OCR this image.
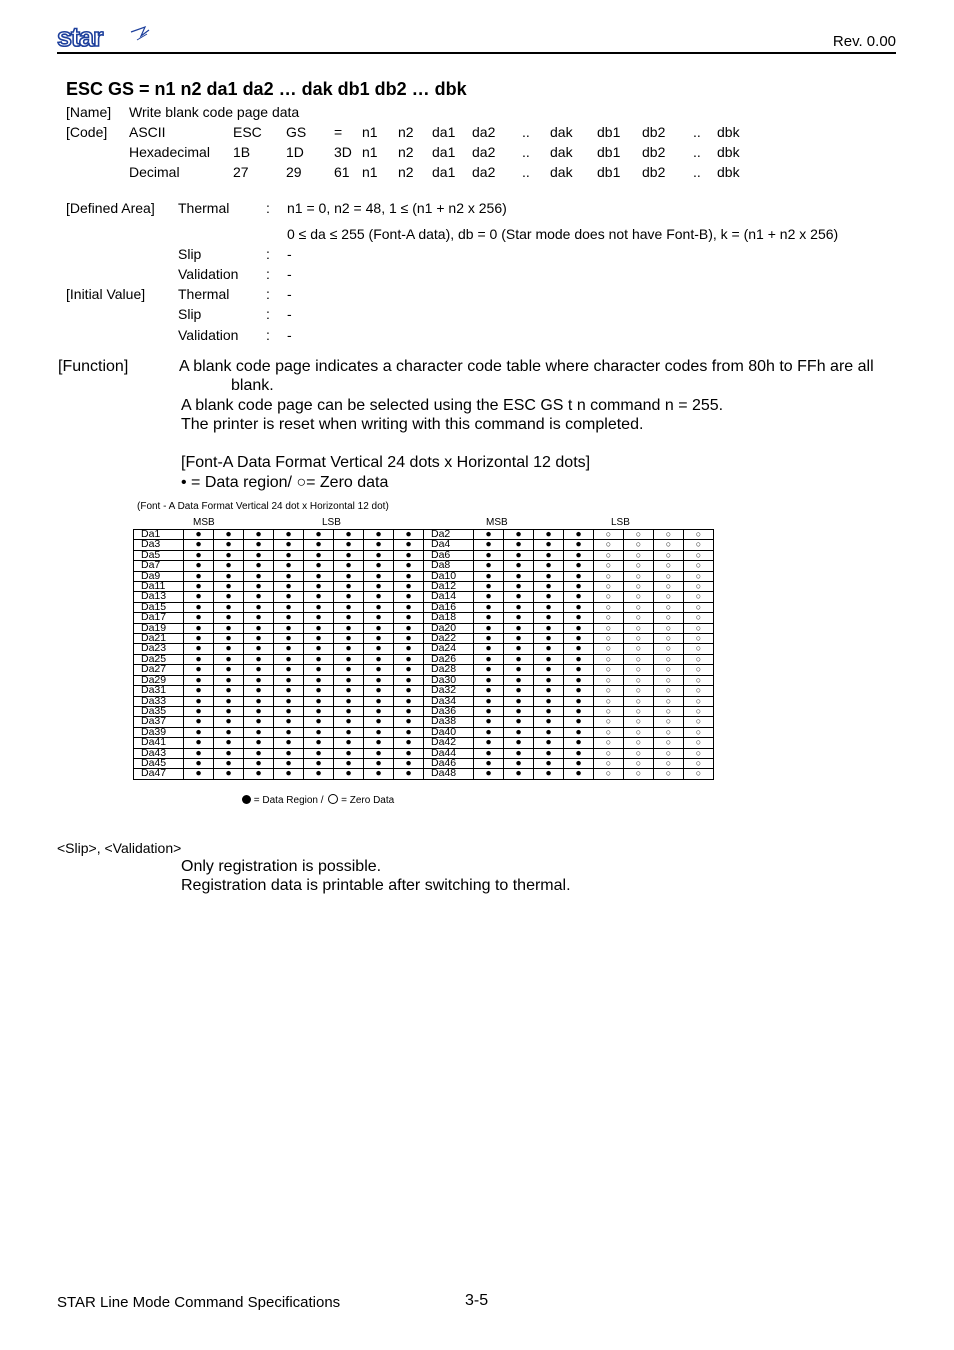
star	Rev. 0.00
ESC GS = n1 n2 da1 da2 … dak db1 db2 … dbk
[Name] Write blank code page data
[Code] ASCII	ESC GS = n1 n2 da1 da2 .. dak db1 db2 .. dbk
Hexadecimal 1B	1D 3D n1 n2 da1 da2 .. dak db1 db2 .. dbk
Decimal	27	29 61 n1 n2 da1 da2 .. dak db1 db2 .. dbk
[Defined Area] Thermal	: n1 = 0, n2 = 48, 1 ≤ (n1 + n2 x 256)
0 ≤ da ≤ 255 (Font-A data), db = 0 (Star mode does not have Font-B), k = (n1 + n2 x 256)
Slip	: -
Validation : -
[Initial Value] Thermal	: -
Slip	: -
Validation : -
[Function]	A blank code page indicates a character code table where character codes from 80h to FFh are all
blank.
A blank code page can be selected using the ESC GS t n command n = 255.
The printer is reset when writing with this command is completed.
[Font-A Data Format Vertical 24 dots x Horizontal 12 dots]
• = Data region/ ○= Zero data
(Font - A Data Format Vertical 24 dot x Horizontal 12 dot)
MSB	LSB	MSB	LSB
Da1	●	●	●	●	●	●	●	●	Da2	●	●	●	●	○	○	○	○
Da3	●	●	●	●	●	●	●	●	Da4	●	●	●	●	○	○	○	○
Da5	●	●	●	●	●	●	●	●	Da6	●	●	●	●	○	○	○	○
Da7	●	●	●	●	●	●	●	●	Da8	●	●	●	●	○	○	○	○
Da9	●	●	●	●	●	●	●	●	Da10	●	●	●	●	○	○	○	○
Da11	●	●	●	●	●	●	●	●	Da12	●	●	●	●	○	○	○	○
Da13	●	●	●	●	●	●	●	●	Da14	●	●	●	●	○	○	○	○
Da15	●	●	●	●	●	●	●	●	Da16	●	●	●	●	○	○	○	○
Da17	●	●	●	●	●	●	●	●	Da18	●	●	●	●	○	○	○	○
Da19	●	●	●	●	●	●	●	●	Da20	●	●	●	●	○	○	○	○
Da21	●	●	●	●	●	●	●	●	Da22	●	●	●	●	○	○	○	○
Da23	●	●	●	●	●	●	●	●	Da24	●	●	●	●	○	○	○	○
Da25	●	●	●	●	●	●	●	●	Da26	●	●	●	●	○	○	○	○
Da27	●	●	●	●	●	●	●	●	Da28	●	●	●	●	○	○	○	○
Da29	●	●	●	●	●	●	●	●	Da30	●	●	●	●	○	○	○	○
Da31	●	●	●	●	●	●	●	●	Da32	●	●	●	●	○	○	○	○
Da33	●	●	●	●	●	●	●	●	Da34	●	●	●	●	○	○	○	○
Da35	●	●	●	●	●	●	●	●	Da36	●	●	●	●	○	○	○	○
Da37	●	●	●	●	●	●	●	●	Da38	●	●	●	●	○	○	○	○
Da39	●	●	●	●	●	●	●	●	Da40	●	●	●	●	○	○	○	○
Da41	●	●	●	●	●	●	●	●	Da42	●	●	●	●	○	○	○	○
Da43	●	●	●	●	●	●	●	●	Da44	●	●	●	●	○	○	○	○
Da45	●	●	●	●	●	●	●	●	Da46	●	●	●	●	○	○	○	○
Da47	●	●	●	●	●	●	●	●	Da48	●	●	●	●	○	○	○	○
= Data Region / = Zero Data
<Slip>, <Validation>
Only registration is possible.
Registration data is printable after switching to thermal.
STAR Line Mode Command Specifications	3-5
